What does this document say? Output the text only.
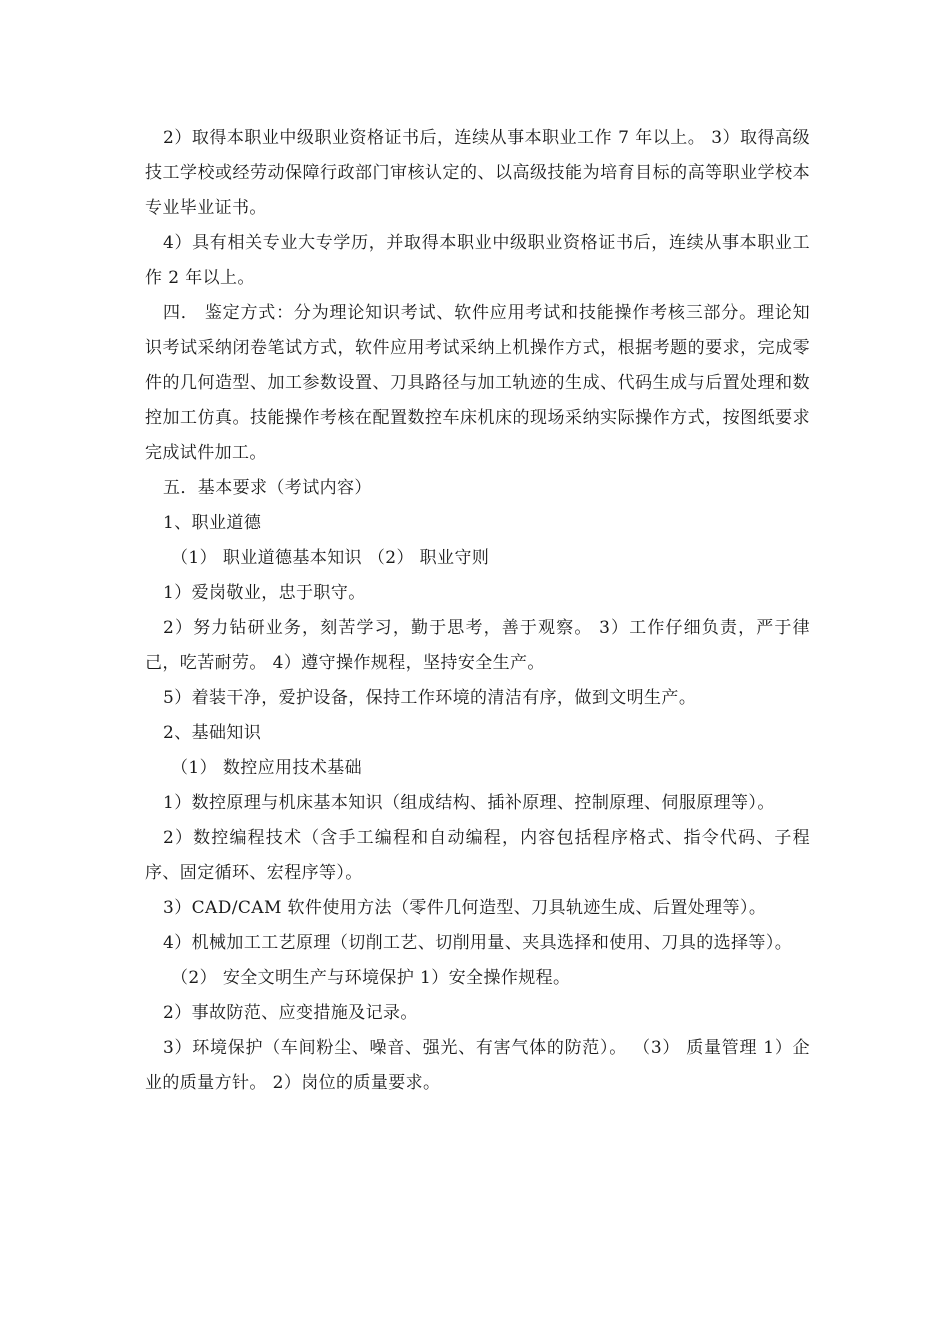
2）取得本职业中级职业资格证书后，连续从事本职业工作 7 年以上。 3）取得高级技工学校或经劳动保障行政部门审核认定的、以高级技能为培育目标的高等职业学校本专业毕业证书。

4）具有相关专业大专学历，并取得本职业中级职业资格证书后，连续从事本职业工作 2 年以上。

四． 鉴定方式：分为理论知识考试、软件应用考试和技能操作考核三部分。理论知识考试采纳闭卷笔试方式，软件应用考试采纳上机操作方式，根据考题的要求，完成零件的几何造型、加工参数设置、刀具路径与加工轨迹的生成、代码生成与后置处理和数控加工仿真。技能操作考核在配置数控车床机床的现场采纳实际操作方式，按图纸要求完成试件加工。

五．基本要求（考试内容）

1、职业道德

（1） 职业道德基本知识 （2） 职业守则

1）爱岗敬业，忠于职守。

2）努力钻研业务，刻苦学习，勤于思考，善于观察。 3）工作仔细负责，严于律己，吃苦耐劳。 4）遵守操作规程，坚持安全生产。

5）着装干净，爱护设备，保持工作环境的清洁有序，做到文明生产。

2、基础知识

（1） 数控应用技术基础

1）数控原理与机床基本知识（组成结构、插补原理、控制原理、伺服原理等）。

2）数控编程技术（含手工编程和自动编程，内容包括程序格式、指令代码、子程序、固定循环、宏程序等）。

3）CAD/CAM 软件使用方法（零件几何造型、刀具轨迹生成、后置处理等）。

4）机械加工工艺原理（切削工艺、切削用量、夹具选择和使用、刀具的选择等）。

（2） 安全文明生产与环境保护 1）安全操作规程。

2）事故防范、应变措施及记录。

3）环境保护（车间粉尘、噪音、强光、有害气体的防范）。 （3） 质量管理 1）企业的质量方针。 2）岗位的质量要求。
